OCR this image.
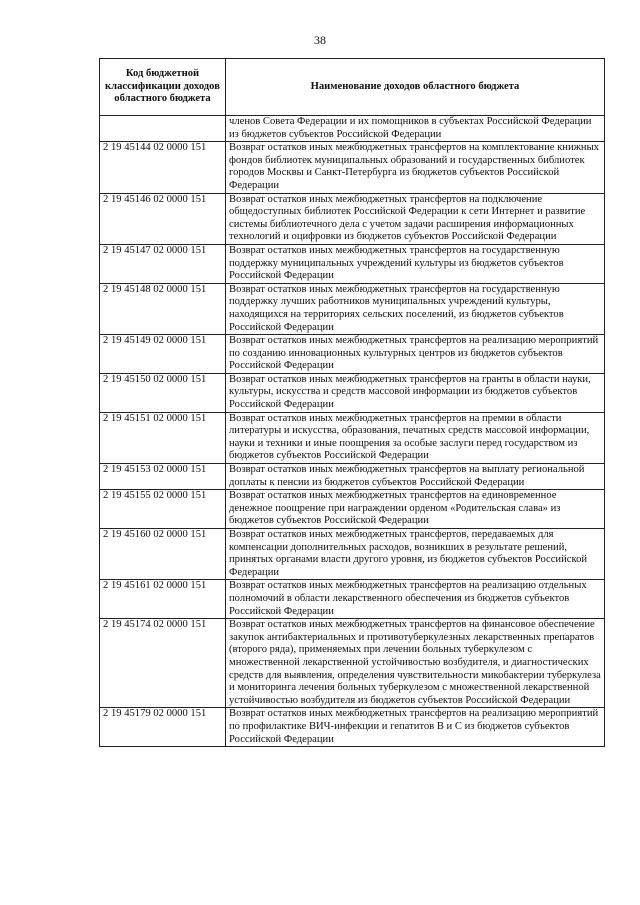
38
Код бюджетной классификации доходов областного бюджета	Наименование доходов областного бюджета

	членов Совета Федерации и их помощников в субъектах Российской Федерации из бюджетов субъектов Российской Федерации
2 19 45144 02 0000 151	Возврат остатков иных межбюджетных трансфертов на комплектование книжных фондов библиотек муниципальных образований и государственных библиотек городов Москвы и Санкт-Петербурга из бюджетов субъектов Российской Федерации
2 19 45146 02 0000 151	Возврат остатков иных межбюджетных трансфертов на подключение общедоступных библиотек Российской Федерации к сети Интернет и развитие системы библиотечного дела с учетом задачи расширения информационных технологий и оцифровки из бюджетов субъектов Российской Федерации
2 19 45147 02 0000 151	Возврат остатков иных межбюджетных трансфертов на государственную поддержку муниципальных учреждений культуры из бюджетов субъектов Российской Федерации
2 19 45148 02 0000 151	Возврат остатков иных межбюджетных трансфертов на государственную поддержку лучших работников муниципальных учреждений культуры, находящихся на территориях сельских поселений, из бюджетов субъектов Российской Федерации
2 19 45149 02 0000 151	Возврат остатков иных межбюджетных трансфертов на реализацию мероприятий по созданию инновационных культурных центров из бюджетов субъектов Российской Федерации
2 19 45150 02 0000 151	Возврат остатков иных межбюджетных трансфертов на гранты в области науки, культуры, искусства и средств массовой информации из бюджетов субъектов Российской Федерации
2 19 45151 02 0000 151	Возврат остатков иных межбюджетных трансфертов на премии в области литературы и искусства, образования, печатных средств массовой информации, науки и техники и иные поощрения за особые заслуги перед государством из бюджетов субъектов Российской Федерации
2 19 45153 02 0000 151	Возврат остатков иных межбюджетных трансфертов на выплату региональной доплаты к пенсии из бюджетов субъектов Российской Федерации
2 19 45155 02 0000 151	Возврат остатков иных межбюджетных трансфертов на единовременное денежное поощрение при награждении орденом «Родительская слава» из бюджетов субъектов Российской Федерации
2 19 45160 02 0000 151	Возврат остатков иных межбюджетных трансфертов, передаваемых для компенсации дополнительных расходов, возникших в результате решений, принятых органами власти другого уровня, из бюджетов субъектов Российской Федерации
2 19 45161 02 0000 151	Возврат остатков иных межбюджетных трансфертов на реализацию отдельных полномочий в области лекарственного обеспечения из бюджетов субъектов Российской Федерации
2 19 45174 02 0000 151	Возврат остатков иных межбюджетных трансфертов на финансовое обеспечение закупок антибактериальных и противотуберкулезных лекарственных препаратов (второго ряда), применяемых при лечении больных туберкулезом с множественной лекарственной устойчивостью возбудителя, и диагностических средств для выявления, определения чувствительности микобактерии туберкулеза и мониторинга лечения больных туберкулезом с множественной лекарственной устойчивостью возбудителя из бюджетов субъектов Российской Федерации
2 19 45179 02 0000 151	Возврат остатков иных межбюджетных трансфертов на реализацию мероприятий по профилактике ВИЧ-инфекции и гепатитов В и С из бюджетов субъектов Российской Федерации
